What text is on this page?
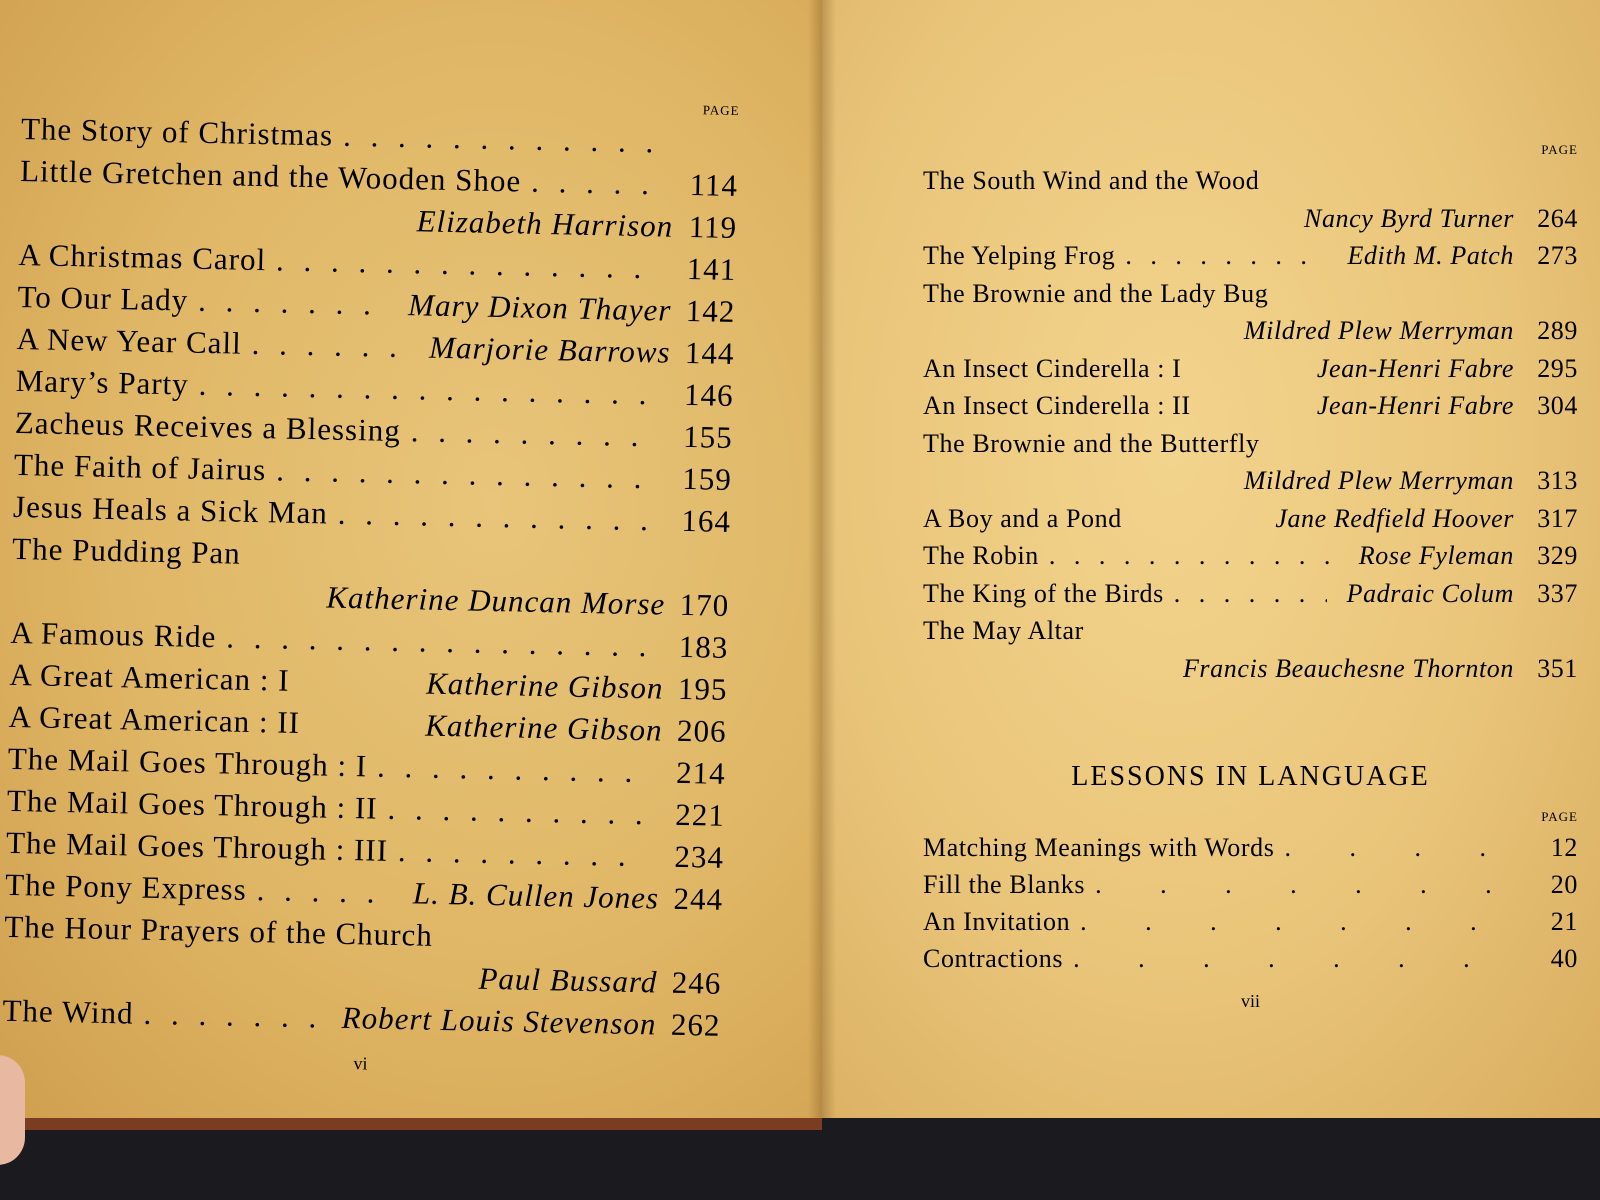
PAGE
The Story of Christmas
. . .
Little Gretchen and the Wooden Shoe . . .	114
Elizabeth Harrison 119
A Christmas Carol . . .	141
To Our Lady . . .	Mary Dixon Thayer 142
A New Year Call . . .	Marjorie Barrows 144
Mary’s Party . . .	146
Zacheus Receives a Blessing . . .	155
The Faith of Jairus . . .	159
Jesus Heals a Sick Man . . .	164
The Pudding Pan
Katherine Duncan Morse 170
A Famous Ride . . .	183
A Great American : I	Katherine Gibson 195
A Great American : II	Katherine Gibson 206
The Mail Goes Through : I . . .	214
The Mail Goes Through : II . . .	221
The Mail Goes Through : III . . .	234
The Pony Express . . .	L. B. Cullen Jones 244
The Hour Prayers of the Church
Paul Bussard 246
The Wind . . .	Robert Louis Stevenson 262
vi
PAGE
The South Wind and the Wood
Nancy Byrd Turner 264
The Yelping Frog . . .	Edith M. Patch 273
The Brownie and the Lady Bug
Mildred Plew Merryman 289
An Insect Cinderella : I	Jean-Henri Fabre 295
An Insect Cinderella : II	Jean-Henri Fabre 304
The Brownie and the Butterfly
Mildred Plew Merryman 313
A Boy and a Pond	Jane Redfield Hoover 317
The Robin . . .	Rose Fyleman 329
The King of the Birds . . .	Padraic Colum 337
The May Altar
Francis Beauchesne Thornton 351
LESSONS IN LANGUAGE
PAGE
Matching Meanings with Words . . .	12
Fill the Blanks . . .	20
An Invitation . . .	21
Contractions . . .	40
vii
